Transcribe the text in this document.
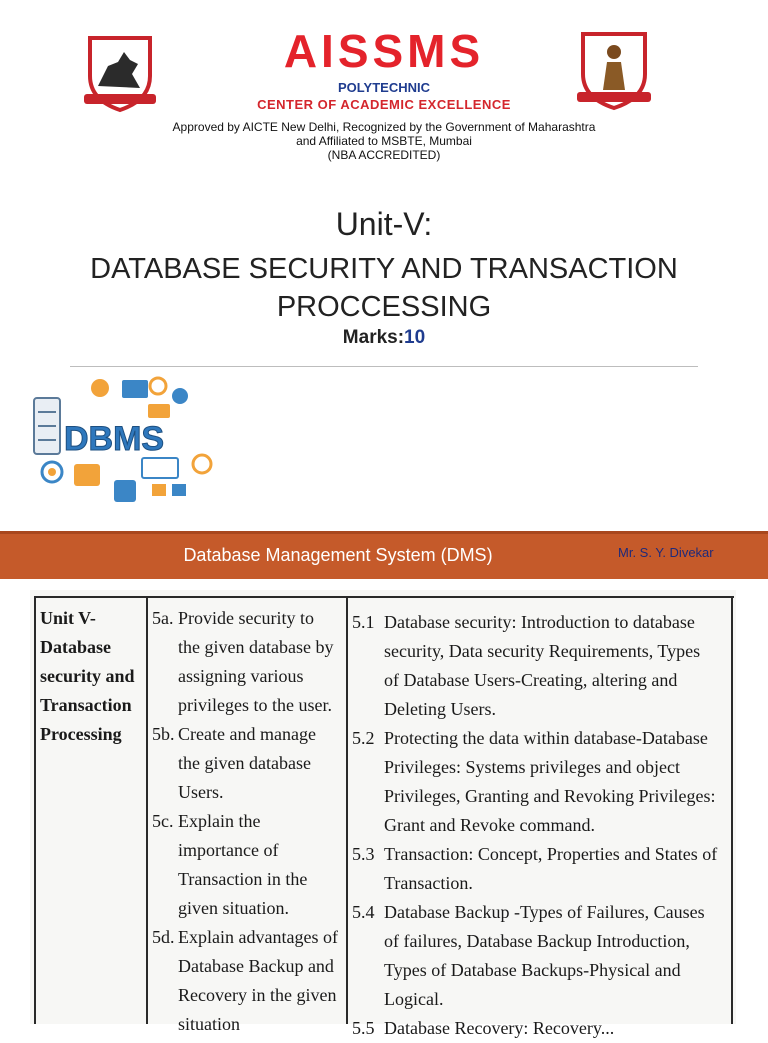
AISSMS
POLYTECHNIC
CENTER OF ACADEMIC EXCELLENCE
Approved by AICTE New Delhi, Recognized by the Government of Maharashtra
and Affiliated to MSBTE, Mumbai
(NBA ACCREDITED)
Unit-V:
DATABASE SECURITY AND TRANSACTION
PROCCESSING
Marks:10
DBMS
Database Management System (DMS)	Mr. S. Y. Divekar
Unit V-
Database
security and
Transaction
Processing
5a. Provide security to
the given database by
assigning various
privileges to the user.
5b. Create and manage
the given database
Users.
5c. Explain the
importance of
Transaction in the
given situation.
5d. Explain advantages of
Database Backup and
Recovery in the given
situation
5.1 Database security: Introduction to database
security, Data security Requirements, Types
of Database Users-Creating, altering and
Deleting Users.
5.2 Protecting the data within database-Database
Privileges: Systems privileges and object
Privileges, Granting and Revoking Privileges:
Grant and Revoke command.
5.3 Transaction: Concept, Properties and States of
Transaction.
5.4 Database Backup -Types of Failures, Causes
of failures, Database Backup Introduction,
Types of Database Backups-Physical and
Logical.
5.5 Database Recovery: Recovery...
